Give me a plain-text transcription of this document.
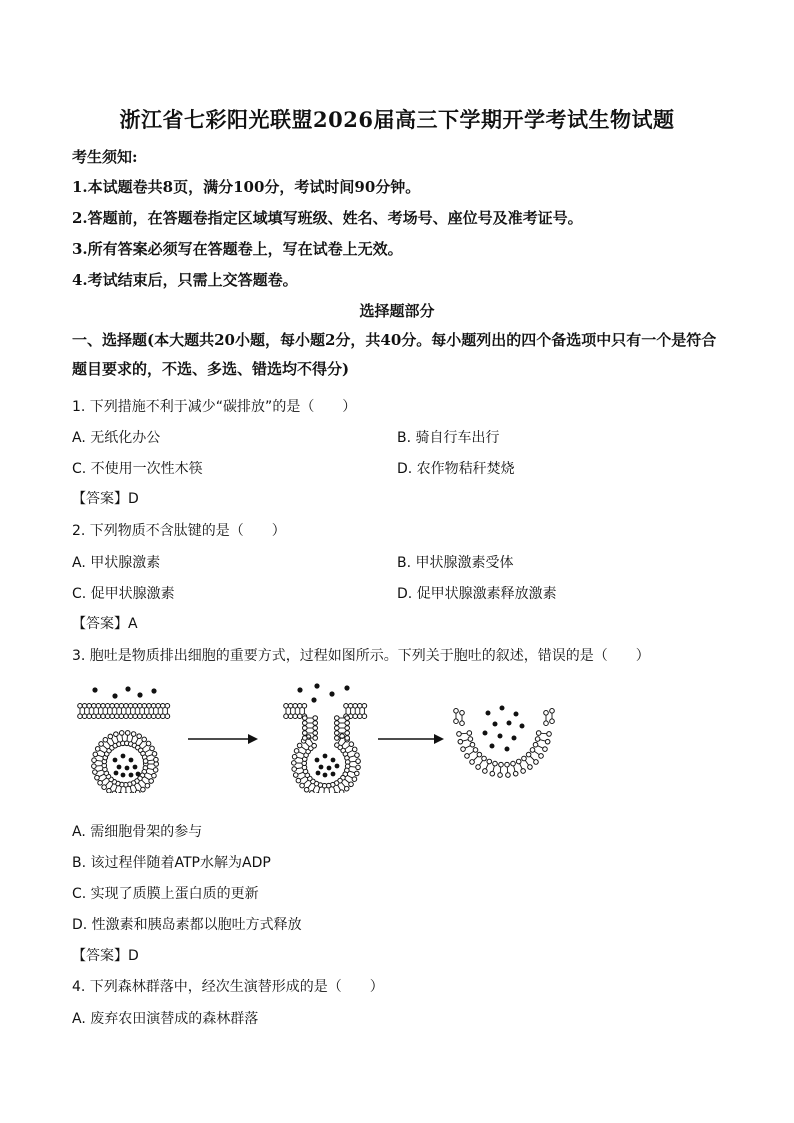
浙江省七彩阳光联盟2026届高三下学期开学考试生物试题
考生须知:
1.本试题卷共8页，满分100分，考试时间90分钟。
2.答题前，在答题卷指定区域填写班级、姓名、考场号、座位号及准考证号。
3.所有答案必须写在答题卷上，写在试卷上无效。
4.考试结束后，只需上交答题卷。
选择题部分
一、选择题(本大题共20小题，每小题2分，共40分。每小题列出的四个备选项中只有一个是符合题目要求的，不选、多选、错选均不得分)
1. 下列措施不利于减少“碳排放”的是（　　）
A. 无纸化办公	B. 骑自行车出行
C. 不使用一次性木筷	D. 农作物秸秆焚烧
【答案】D
2. 下列物质不含肽键的是（　　）
A. 甲状腺激素	B. 甲状腺激素受体
C. 促甲状腺激素	D. 促甲状腺激素释放激素
【答案】A
3. 胞吐是物质排出细胞的重要方式，过程如图所示。下列关于胞吐的叙述，错误的是（　　）
A. 需细胞骨架的参与
B. 该过程伴随着ATP水解为ADP
C. 实现了质膜上蛋白质的更新
D. 性激素和胰岛素都以胞吐方式释放
【答案】D
4. 下列森林群落中，经次生演替形成的是（　　）
A. 废弃农田演替成的森林群落
